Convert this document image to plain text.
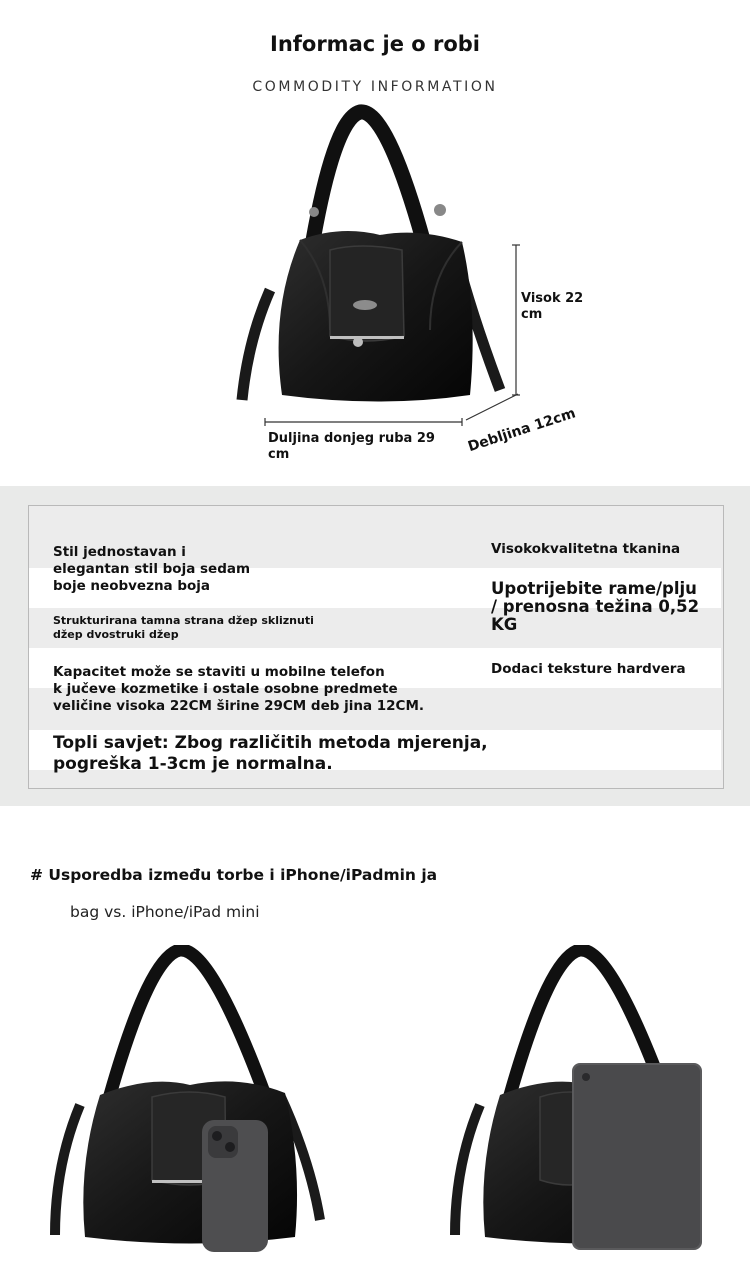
Informac je o robi
COMMODITY INFORMATION
Visok 22
cm
Duljina donjeg ruba 29
cm	Debljina 12cm
Stil jednostavan i
elegantan stil boja sedam
boje neobvezna boja
Visokokvalitetna tkanina
Upotrijebite rame/plju
/ prenosna težina 0,52
KG
Strukturirana tamna strana džep skliznuti
džep dvostruki džep
Dodaci teksture hardvera
Kapacitet može se staviti u mobilne telefon
k jučeve kozmetike i ostale osobne predmete
veličine visoka 22CM širine 29CM deb jina 12CM.
Topli savjet: Zbog različitih metoda mjerenja,
pogreška 1-3cm je normalna.
# Usporedba između torbe i iPhone/iPadmin ja
bag vs. iPhone/iPad mini
